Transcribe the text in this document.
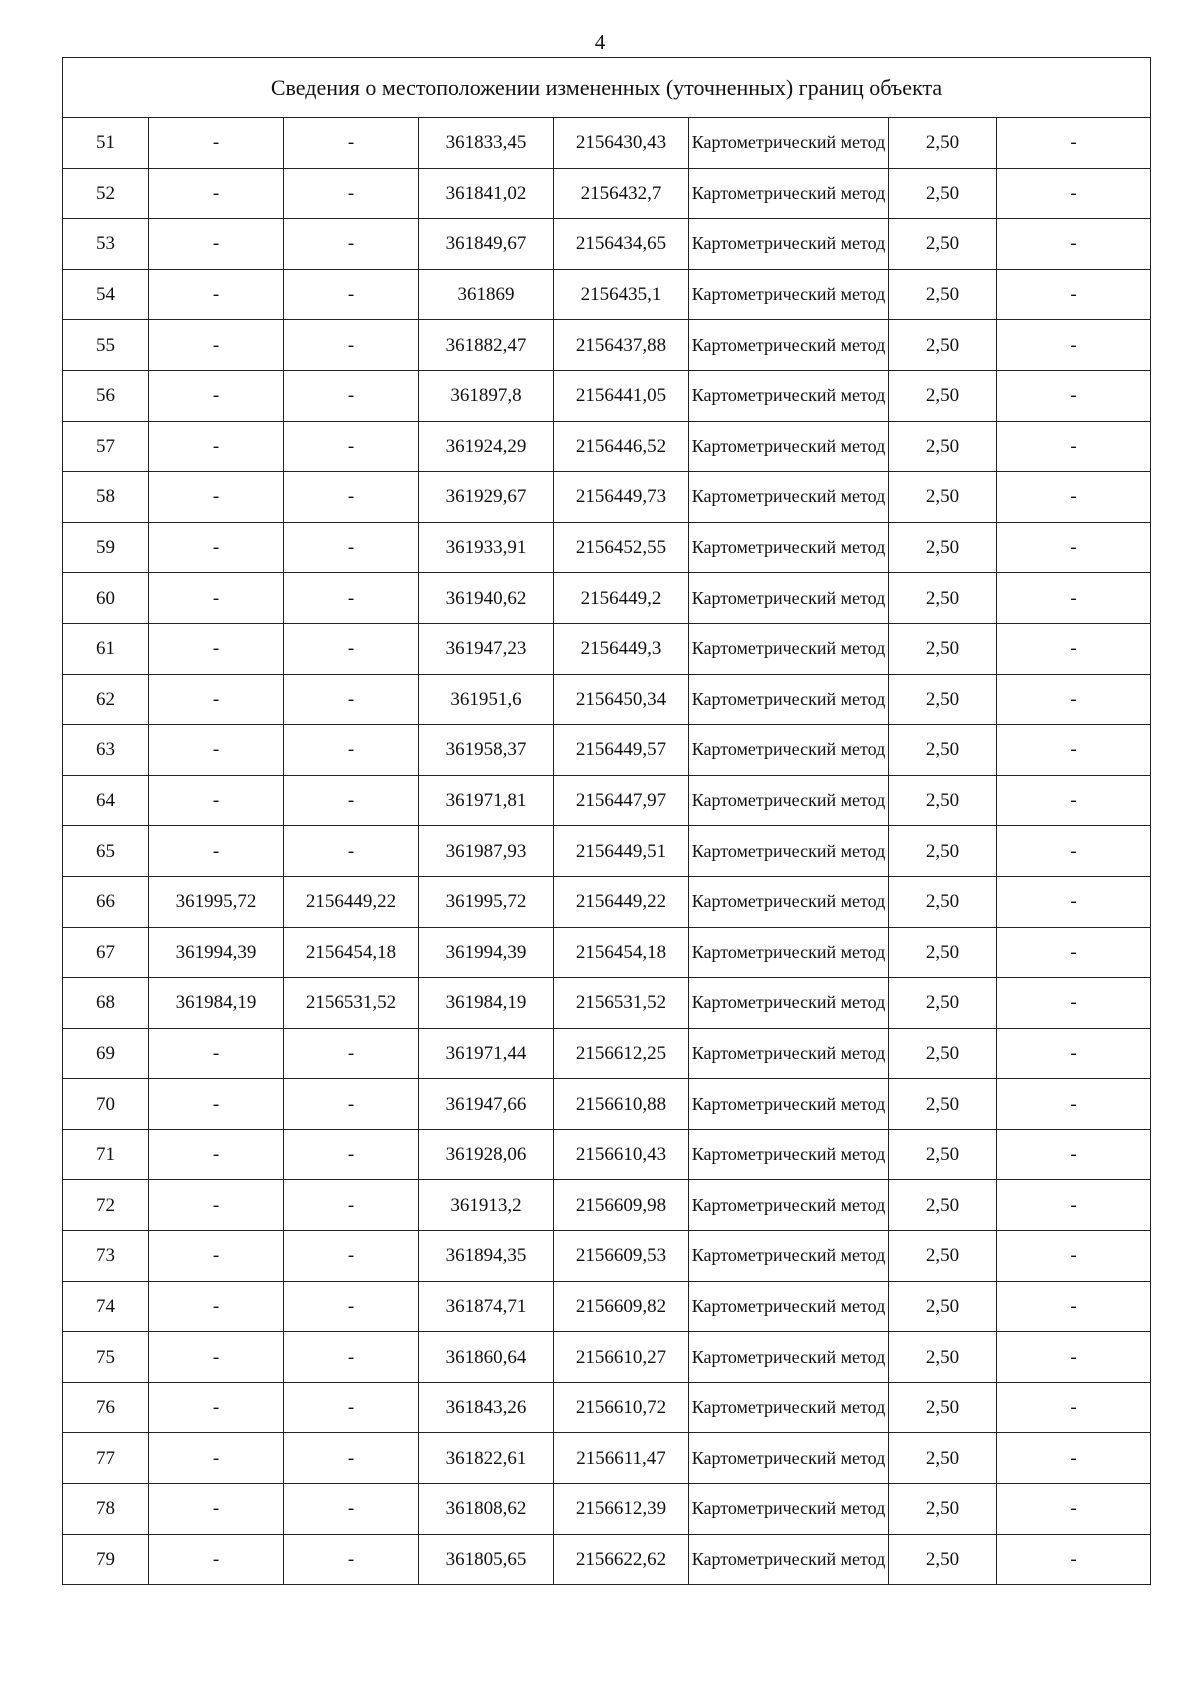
4
Сведения о местоположении измененных (уточненных) границ объекта							
51	-	-	361833,45	2156430,43	Картометрический метод	2,50	-
52	-	-	361841,02	2156432,7	Картометрический метод	2,50	-
53	-	-	361849,67	2156434,65	Картометрический метод	2,50	-
54	-	-	361869	2156435,1	Картометрический метод	2,50	-
55	-	-	361882,47	2156437,88	Картометрический метод	2,50	-
56	-	-	361897,8	2156441,05	Картометрический метод	2,50	-
57	-	-	361924,29	2156446,52	Картометрический метод	2,50	-
58	-	-	361929,67	2156449,73	Картометрический метод	2,50	-
59	-	-	361933,91	2156452,55	Картометрический метод	2,50	-
60	-	-	361940,62	2156449,2	Картометрический метод	2,50	-
61	-	-	361947,23	2156449,3	Картометрический метод	2,50	-
62	-	-	361951,6	2156450,34	Картометрический метод	2,50	-
63	-	-	361958,37	2156449,57	Картометрический метод	2,50	-
64	-	-	361971,81	2156447,97	Картометрический метод	2,50	-
65	-	-	361987,93	2156449,51	Картометрический метод	2,50	-
66	361995,72	2156449,22	361995,72	2156449,22	Картометрический метод	2,50	-
67	361994,39	2156454,18	361994,39	2156454,18	Картометрический метод	2,50	-
68	361984,19	2156531,52	361984,19	2156531,52	Картометрический метод	2,50	-
69	-	-	361971,44	2156612,25	Картометрический метод	2,50	-
70	-	-	361947,66	2156610,88	Картометрический метод	2,50	-
71	-	-	361928,06	2156610,43	Картометрический метод	2,50	-
72	-	-	361913,2	2156609,98	Картометрический метод	2,50	-
73	-	-	361894,35	2156609,53	Картометрический метод	2,50	-
74	-	-	361874,71	2156609,82	Картометрический метод	2,50	-
75	-	-	361860,64	2156610,27	Картометрический метод	2,50	-
76	-	-	361843,26	2156610,72	Картометрический метод	2,50	-
77	-	-	361822,61	2156611,47	Картометрический метод	2,50	-
78	-	-	361808,62	2156612,39	Картометрический метод	2,50	-
79	-	-	361805,65	2156622,62	Картометрический метод	2,50	-
